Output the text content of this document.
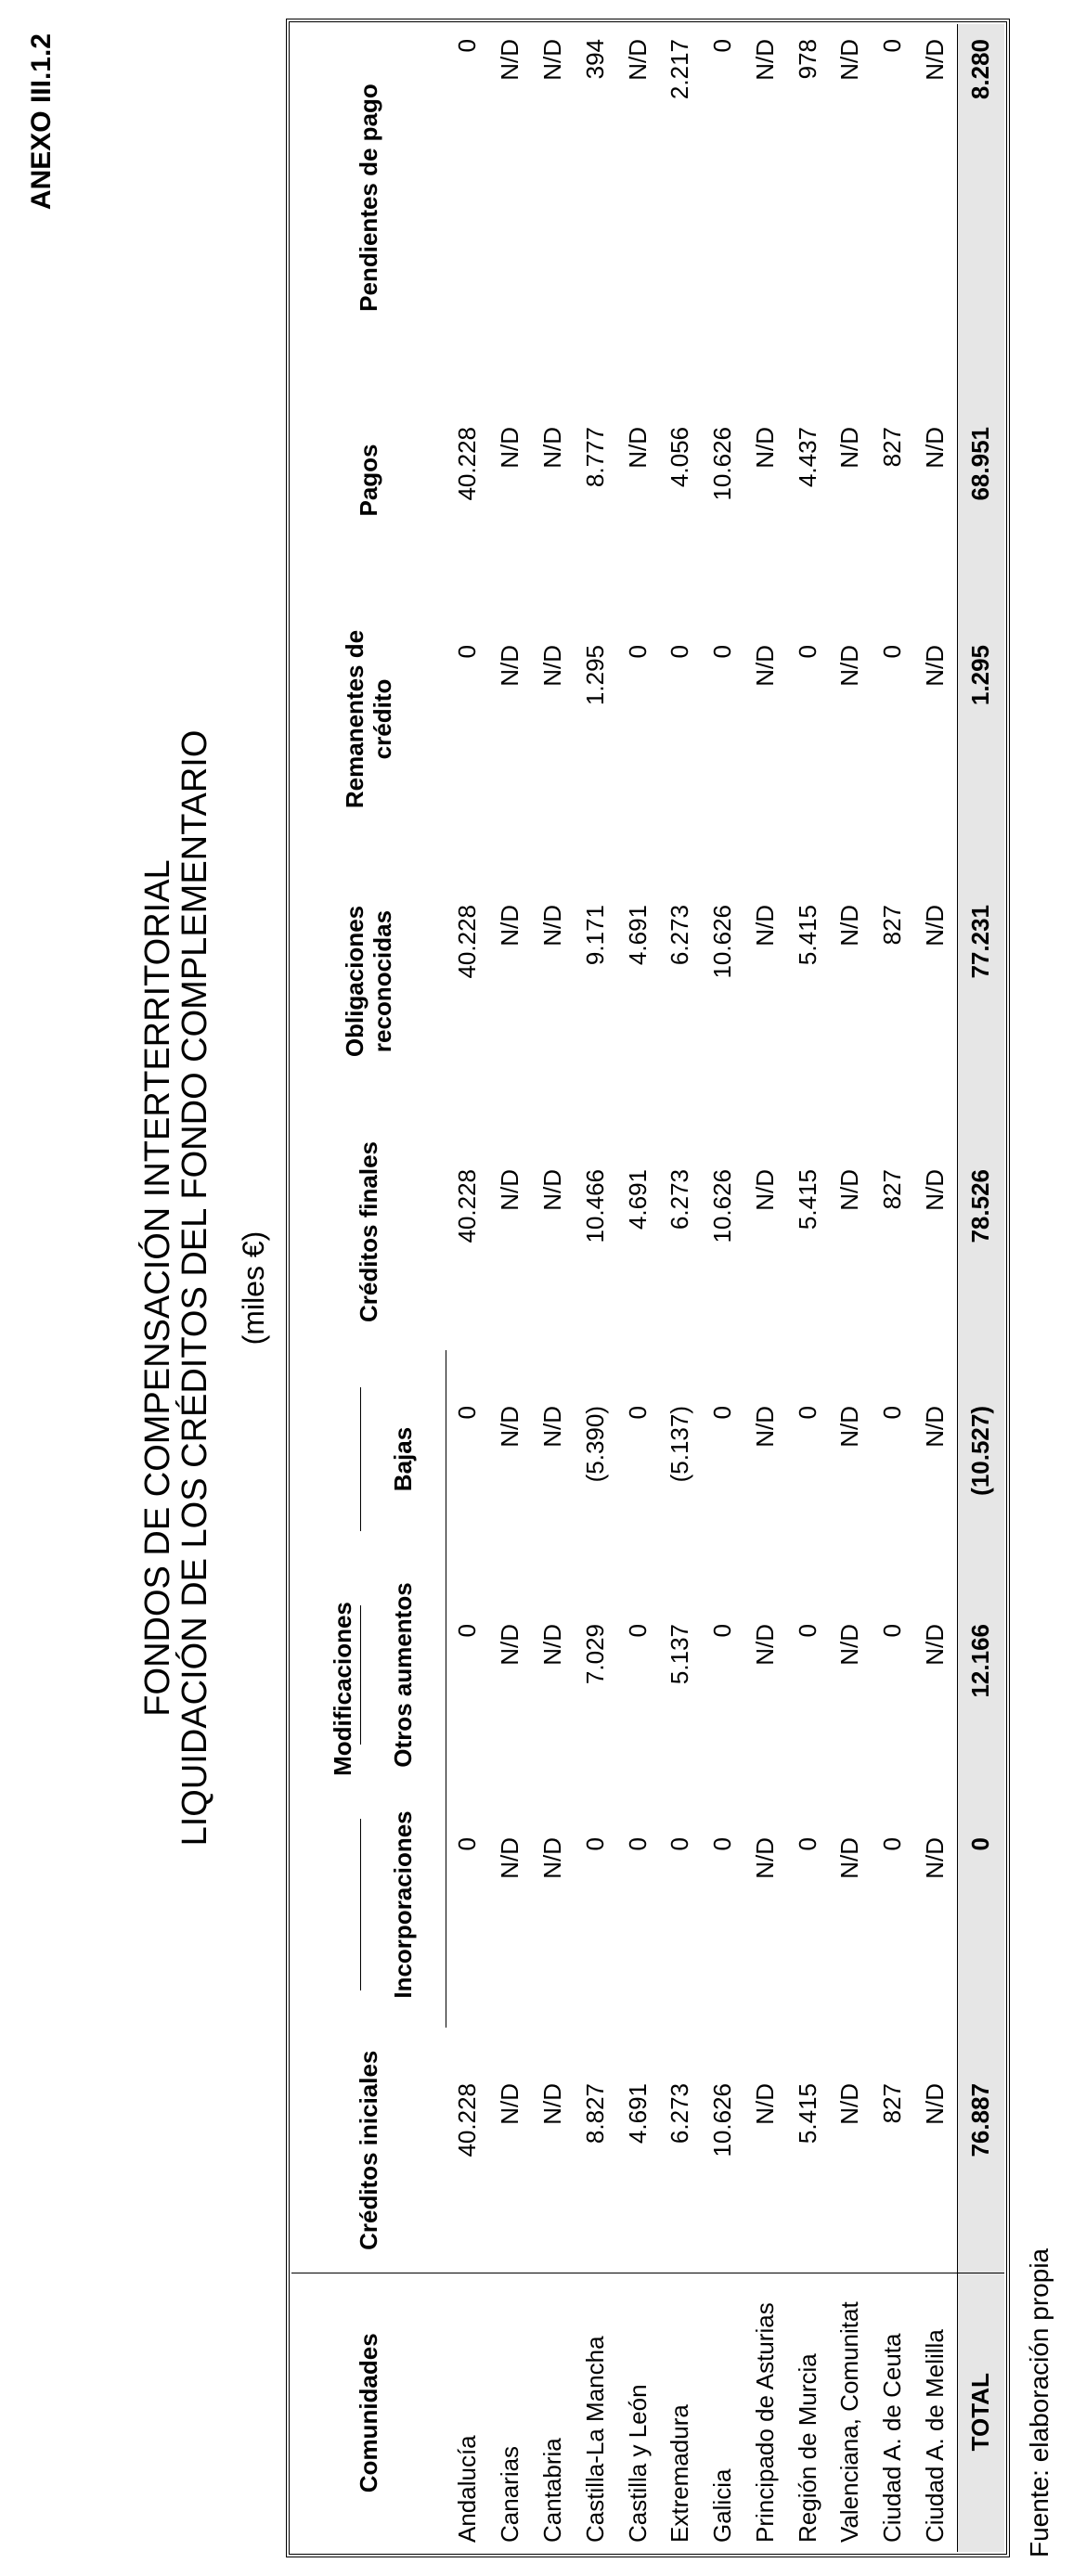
ANEXO III.1.2
FONDOS DE COMPENSACIÓN INTERTERRITORIAL
LIQUIDACIÓN DE LOS CRÉDITOS DEL FONDO COMPLEMENTARIO (miles €)
Comunidades	Créditos iniciales	Modificaciones			Créditos finales	Obligaciones reconocidas	Remanentes de crédito	Pagos	Pendientes de pago
		Incorporaciones	Otros aumentos	Bajas					
Andalucía	40.228	0	0	0	40.228	40.228	0	40.228	0
Canarias	N/D	N/D	N/D	N/D	N/D	N/D	N/D	N/D	N/D
Cantabria	N/D	N/D	N/D	N/D	N/D	N/D	N/D	N/D	N/D
Castilla-La Mancha	8.827	0	7.029	(5.390)	10.466	9.171	1.295	8.777	394
Castilla y León	4.691	0	0	0	4.691	4.691	0	N/D	N/D
Extremadura	6.273	0	5.137	(5.137)	6.273	6.273	0	4.056	2.217
Galicia	10.626	0	0	0	10.626	10.626	0	10.626	0
Principado de Asturias	N/D	N/D	N/D	N/D	N/D	N/D	N/D	N/D	N/D
Región de Murcia	5.415	0	0	0	5.415	5.415	0	4.437	978
Valenciana, Comunitat	N/D	N/D	N/D	N/D	N/D	N/D	N/D	N/D	N/D
Ciudad A. de Ceuta	827	0	0	0	827	827	0	827	0
Ciudad A. de Melilla	N/D	N/D	N/D	N/D	N/D	N/D	N/D	N/D	N/D
TOTAL	76.887	0	12.166	(10.527)	78.526	77.231	1.295	68.951	8.280
Fuente: elaboración propia
